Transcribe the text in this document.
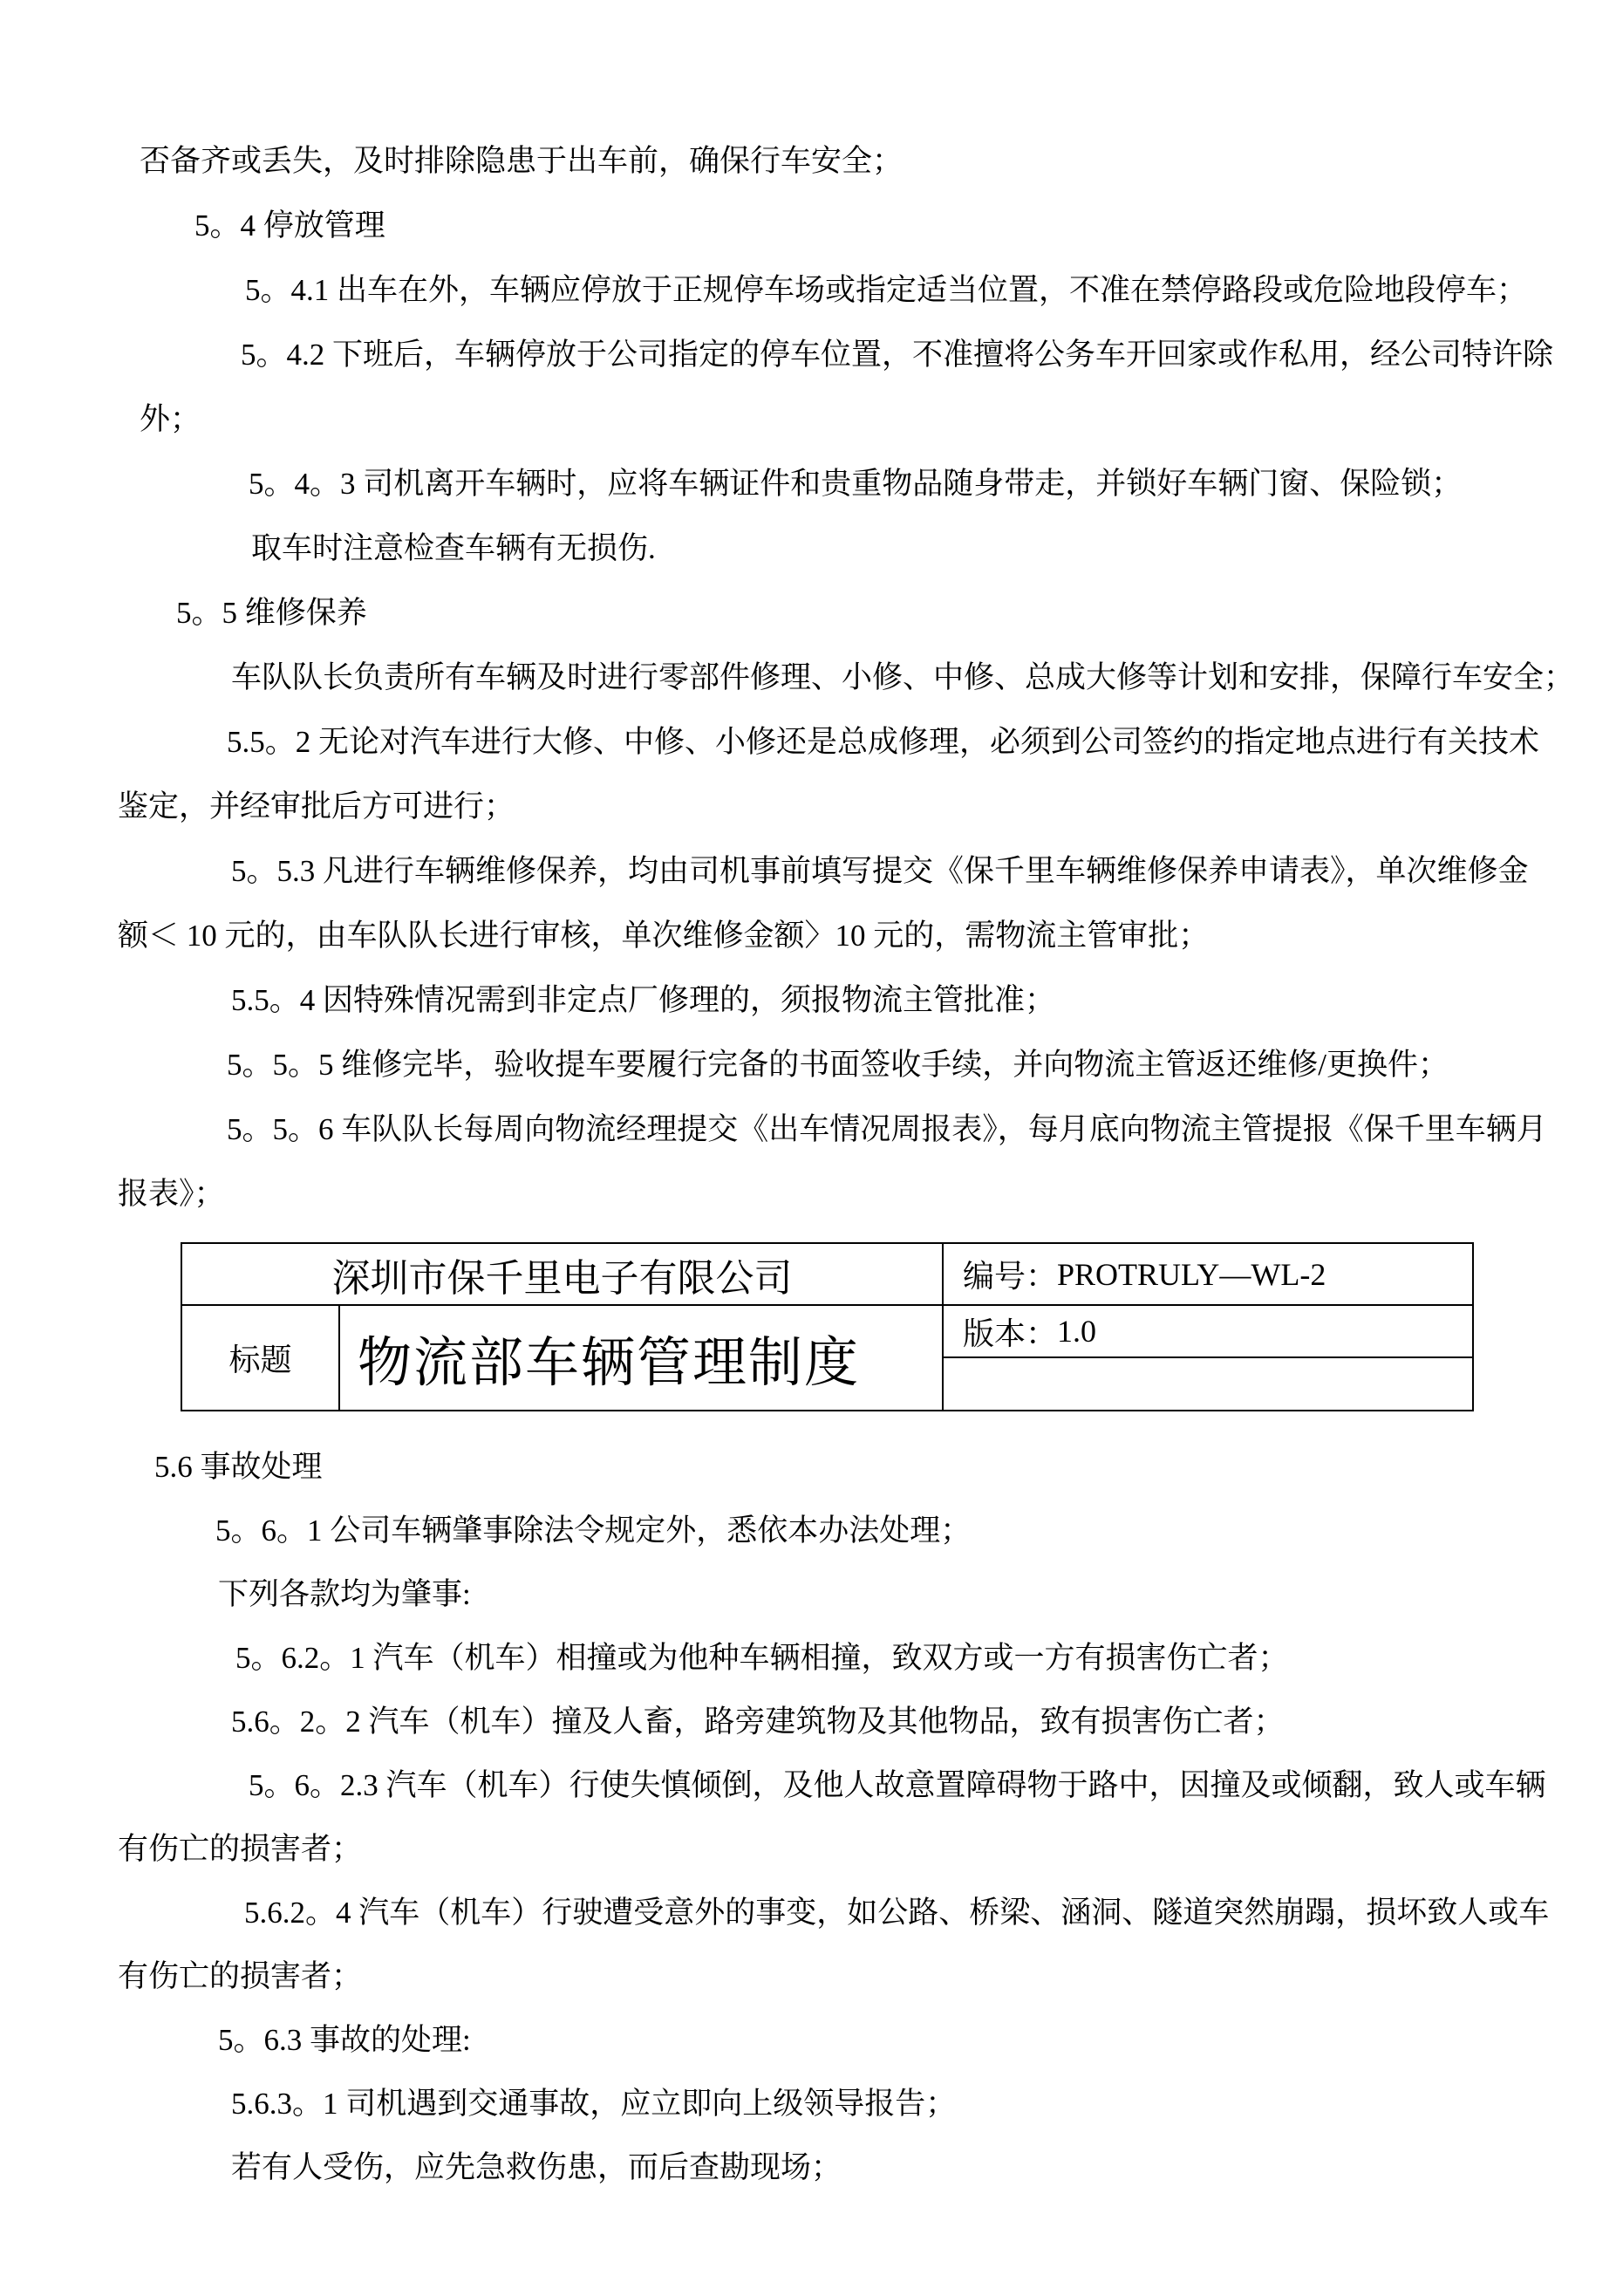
否备齐或丢失，及时排除隐患于出车前，确保行车安全；
5。4 停放管理
5。4.1 出车在外，车辆应停放于正规停车场或指定适当位置，不准在禁停路段或危险地段停车；
5。4.2 下班后，车辆停放于公司指定的停车位置，不准擅将公务车开回家或作私用，经公司特许除
外；
5。4。3 司机离开车辆时，应将车辆证件和贵重物品随身带走，并锁好车辆门窗、保险锁；
取车时注意检查车辆有无损伤.
5。5 维修保养
车队队长负责所有车辆及时进行零部件修理、小修、中修、总成大修等计划和安排，保障行车安全；
5.5。2 无论对汽车进行大修、中修、小修还是总成修理，必须到公司签约的指定地点进行有关技术
鉴定，并经审批后方可进行；
5。5.3 凡进行车辆维修保养，均由司机事前填写提交《保千里车辆维修保养申请表》，单次维修金
额＜ 10 元的，由车队队长进行审核，单次维修金额〉10 元的，需物流主管审批；
5.5。4 因特殊情况需到非定点厂修理的，须报物流主管批准；
5。5。5 维修完毕，验收提车要履行完备的书面签收手续，并向物流主管返还维修/更换件；
5。5。6 车队队长每周向物流经理提交《出车情况周报表》，每月底向物流主管提报《保千里车辆月
报表》；
深圳市保千里电子有限公司	编号： PROTRULY—WL-2
标题 物流部车辆管理制度
版本： 1.0
5.6 事故处理
5。6。1 公司车辆肇事除法令规定外，悉依本办法处理；
下列各款均为肇事:
5。6.2。1 汽车（机车）相撞或为他种车辆相撞，致双方或一方有损害伤亡者；
5.6。2。2 汽车（机车）撞及人畜，路旁建筑物及其他物品，致有损害伤亡者；
5。6。2.3 汽车（机车）行使失慎倾倒，及他人故意置障碍物于路中，因撞及或倾翻，致人或车辆
有伤亡的损害者；
5.6.2。4 汽车（机车）行驶遭受意外的事变，如公路、桥梁、涵洞、隧道突然崩蹋，损坏致人或车
有伤亡的损害者；
5。6.3 事故的处理:
5.6.3。1 司机遇到交通事故，应立即向上级领导报告；
若有人受伤，应先急救伤患，而后查勘现场；
